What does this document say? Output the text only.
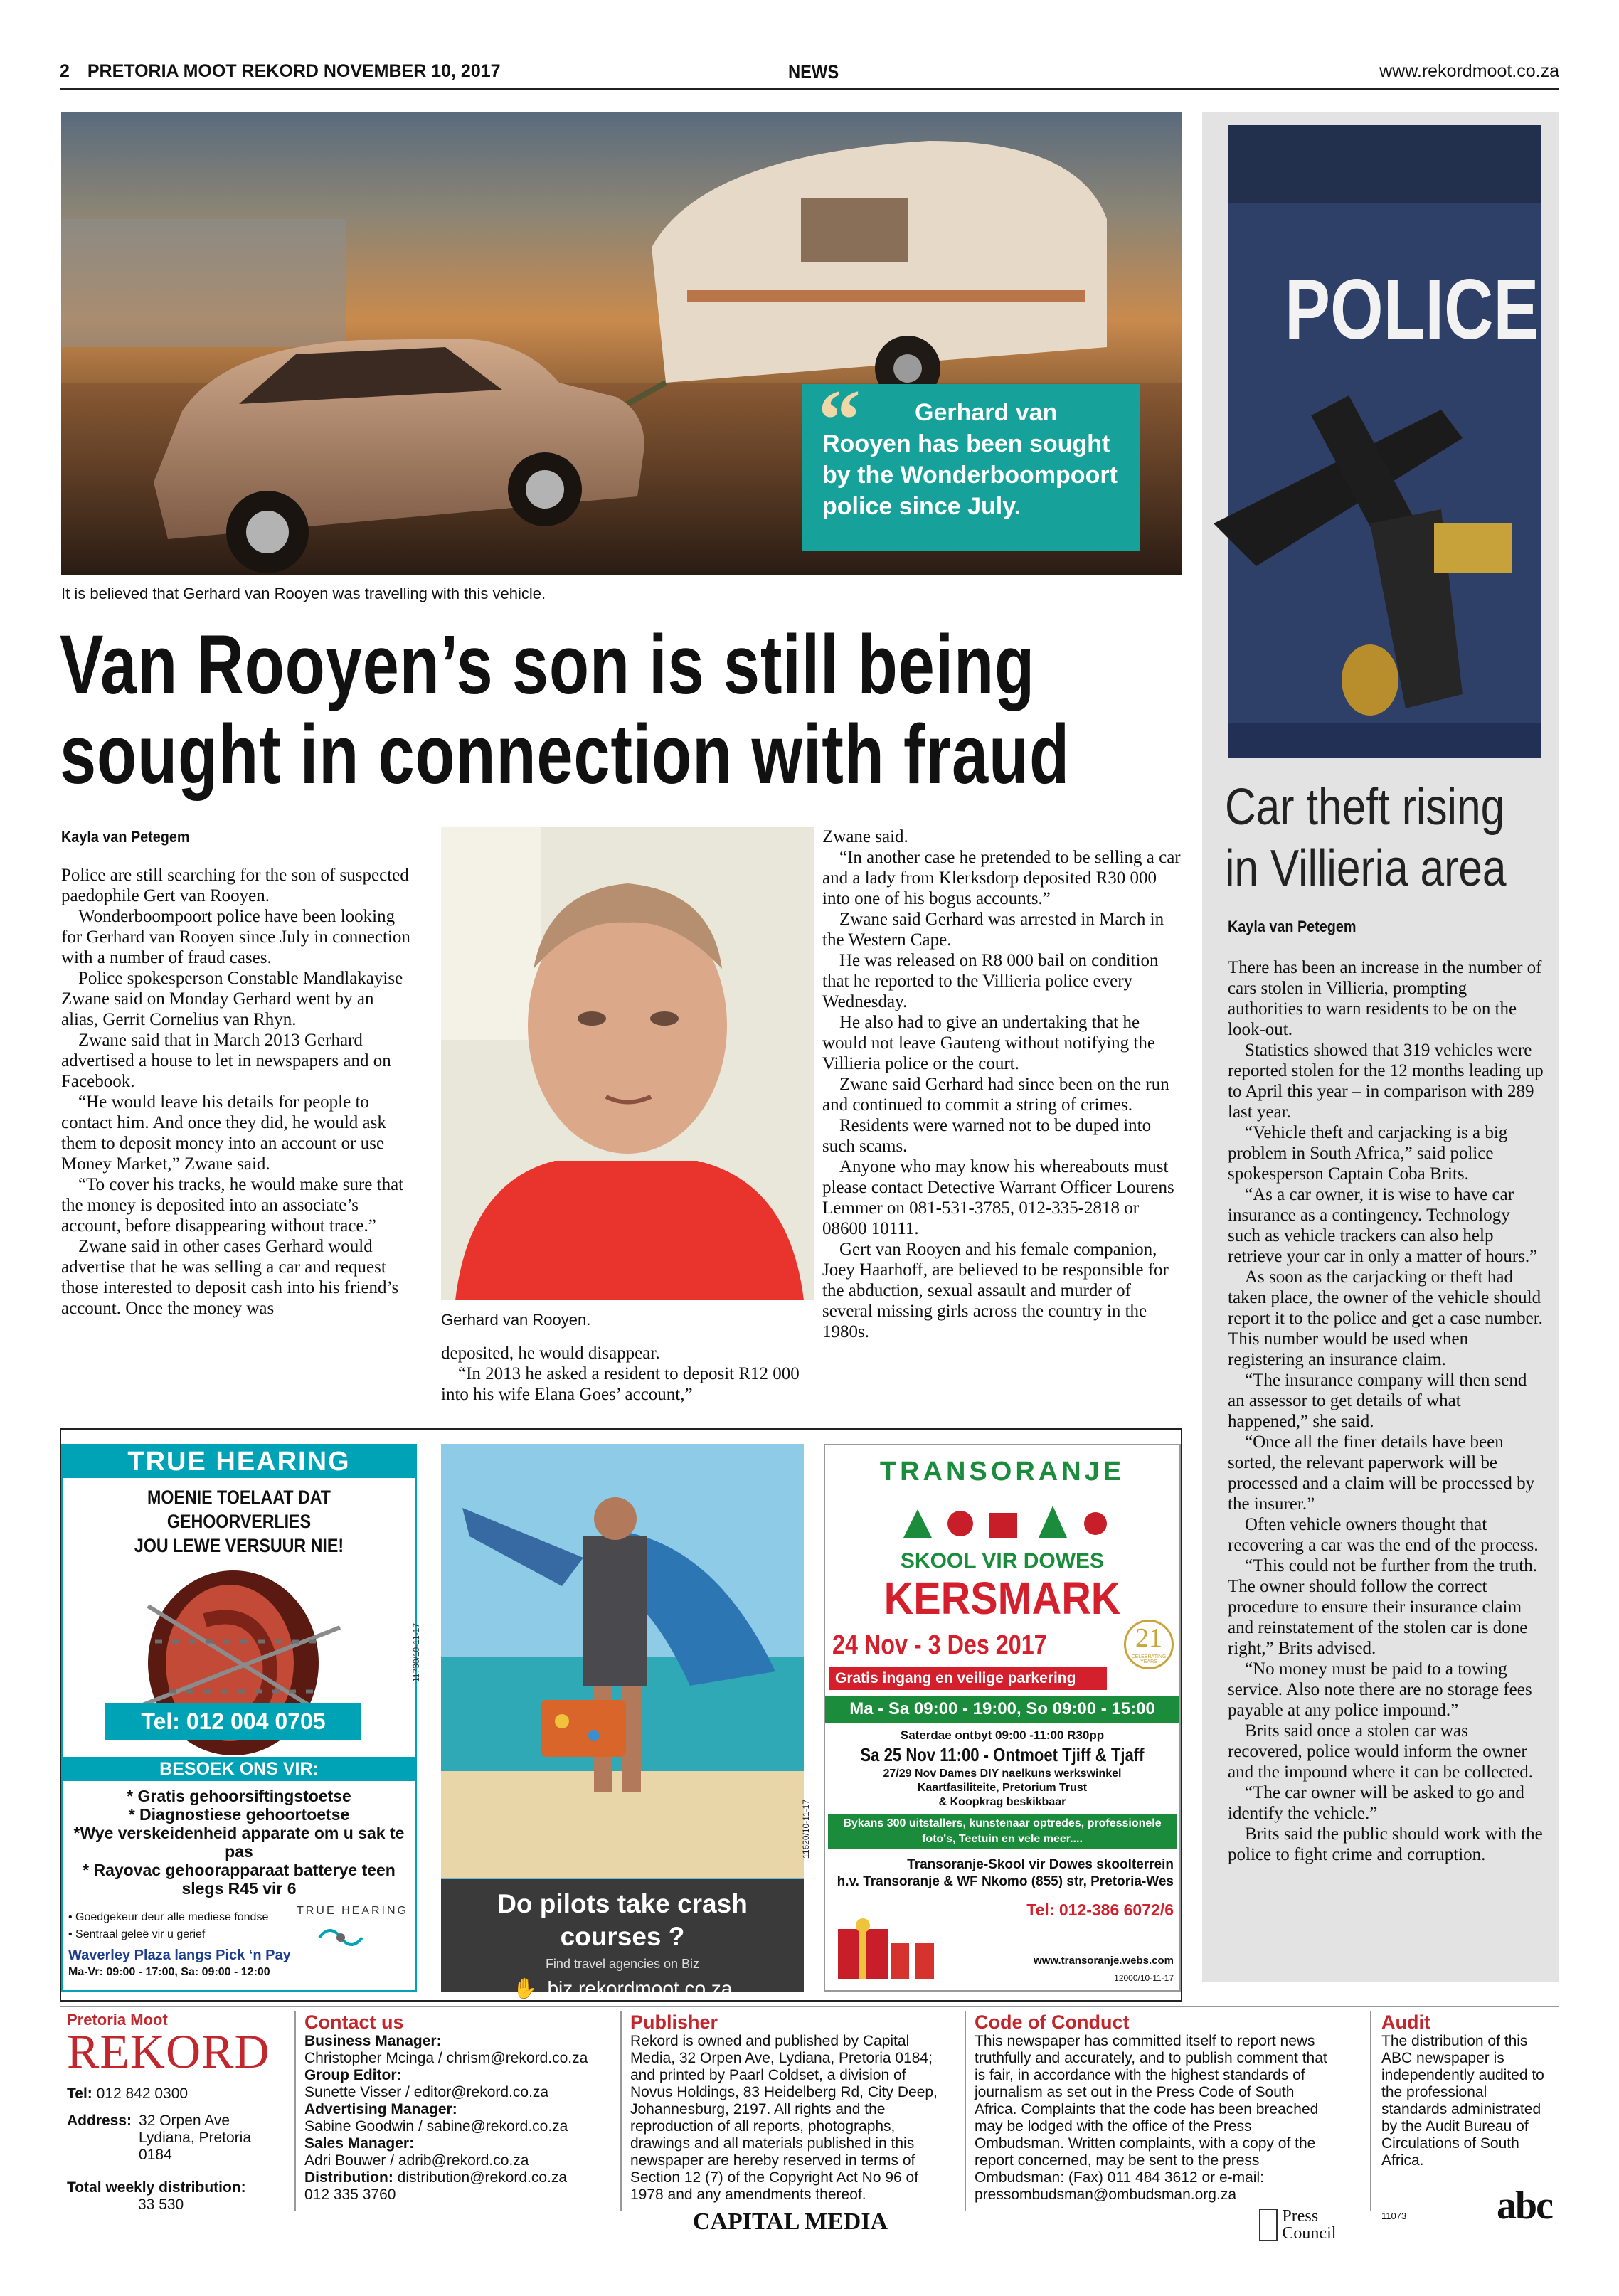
2 PRETORIA MOOT REKORD NOVEMBER 10, 2017	NEWS	www.rekordmoot.co.za
“	Gerhard van Rooyen has been sought by the Wonderboompoort police since July.
It is believed that Gerhard van Rooyen was travelling with this vehicle.
Van Rooyen’s son is still being
sought in connection with fraud
Kayla van Petegem

Police are still searching for the son of suspected paedophile Gert van Rooyen.

Wonderboompoort police have been looking for Gerhard van Rooyen since July in connection with a number of fraud cases.

Police spokesperson Constable Mandlakayise Zwane said on Monday Gerhard went by an alias, Gerrit Cornelius van Rhyn.

Zwane said that in March 2013 Gerhard advertised a house to let in newspapers and on Facebook.

“He would leave his details for people to contact him. And once they did, he would ask them to deposit money into an account or use Money Market,” Zwane said.

“To cover his tracks, he would make sure that the money is deposited into an associate’s account, before disappearing without trace.”

Zwane said in other cases Gerhard would advertise that he was selling a car and request those interested to deposit cash into his friend’s account. Once the money was

Gerhard van Rooyen.

deposited, he would disappear.

“In 2013 he asked a resident to deposit R12 000 into his wife Elana Goes’ account,”

Zwane said.

“In another case he pretended to be selling a car and a lady from Klerksdorp deposited R30 000 into one of his bogus accounts.”

Zwane said Gerhard was arrested in March in the Western Cape.

He was released on R8 000 bail on condition that he reported to the Villieria police every Wednesday.

He also had to give an undertaking that he would not leave Gauteng without notifying the Villieria police or the court.

Zwane said Gerhard had since been on the run and continued to commit a string of crimes.

Residents were warned not to be duped into such scams.

Anyone who may know his whereabouts must please contact Detective Warrant Officer Lourens Lemmer on 081-531-3785, 012-335-2818 or 08600 10111.

Gert van Rooyen and his female companion, Joey Haarhoff, are believed to be responsible for the abduction, sexual assault and murder of several missing girls across the country in the 1980s.

POLICE
Car theft rising
in Villieria area
Kayla van Petegem

There has been an increase in the number of cars stolen in Villieria, prompting authorities to warn residents to be on the look-out.

Statistics showed that 319 vehicles were reported stolen for the 12 months leading up to April this year – in comparison with 289 last year.

“Vehicle theft and carjacking is a big problem in South Africa,” said police spokesperson Captain Coba Brits.

“As a car owner, it is wise to have car insurance as a contingency. Technology such as vehicle trackers can also help retrieve your car in only a matter of hours.”

As soon as the carjacking or theft had taken place, the owner of the vehicle should report it to the police and get a case number. This number would be used when registering an insurance claim.

“The insurance company will then send an assessor to get details of what happened,” she said.

“Once all the finer details have been sorted, the relevant paperwork will be processed and a claim will be processed by the insurer.”

Often vehicle owners thought that recovering a car was the end of the process.

“This could not be further from the truth. The owner should follow the correct procedure to ensure their insurance claim and reinstatement of the stolen car is done right,” Brits advised.

“No money must be paid to a towing service. Also note there are no storage fees payable at any police impound.”

Brits said once a stolen car was recovered, police would inform the owner and the impound where it can be collected.

“The car owner will be asked to go and identify the vehicle.”

Brits said the public should work with the police to fight crime and corruption.

TRUE HEARING
MOENIE TOELAAT DAT GEHOORVERLIES
JOU LEWE VERSUUR NIE!
Tel: 012 004 0705
11730/10-11-17
BESOEK ONS VIR:
* Gratis gehoorsiftingstoetse
* Diagnostiese gehoortoetse
*Wye verskeidenheid apparate om u sak te pas
* Rayovac gehoorapparaat batterye teen slegs R45 vir 6
• Goedgekeur deur alle mediese fondse
• Sentraal geleë vir u gerief
TRUE HEARING
Waverley Plaza langs Pick ‘n Pay
Ma-Vr: 09:00 - 17:00, Sa: 09:00 - 12:00
Do pilots take crash
courses ?
Find travel agencies on Biz
✋ biz.rekordmoot.co.za
11620/10-11-17
TRANSORANJE
SKOOL VIR DOWES
KERSMARK
24 Nov - 3 Des 2017	21
CELEBRATING YEARS
Gratis ingang en veilige parkering
Ma - Sa 09:00 - 19:00, So 09:00 - 15:00
Saterdae ontbyt 09:00 -11:00 R30pp
Sa 25 Nov 11:00 - Ontmoet Tjiff & Tjaff
27/29 Nov Dames DIY naelkuns werkswinkel
Kaartfasiliteite, Pretorium Trust
& Koopkrag beskikbaar
Bykans 300 uitstallers, kunstenaar optredes, professionele foto's, Teetuin en vele meer....
Transoranje-Skool vir Dowes skoolterrein
h.v. Transoranje & WF Nkomo (855) str, Pretoria-Wes
Tel: 012-386 6072/6
www.transoranje.webs.com
12000/10-11-17
Pretoria Moot
REKORD
Tel: 012 842 0300
Address: 32 Orpen Ave
Lydiana, Pretoria
0184
Total weekly distribution:
33 530
Contact us
Business Manager:
Christopher Mcinga / chrism@rekord.co.za
Group Editor:
Sunette Visser / editor@rekord.co.za
Advertising Manager:
Sabine Goodwin / sabine@rekord.co.za
Sales Manager:
Adri Bouwer / adrib@rekord.co.za
Distribution: distribution@rekord.co.za
012 335 3760
Publisher
Rekord is owned and published by Capital Media, 32 Orpen Ave, Lydiana, Pretoria 0184; and printed by Paarl Coldset, a division of Novus Holdings, 83 Heidelberg Rd, City Deep, Johannesburg, 2197. All rights and the reproduction of all reports, photographs, drawings and all materials published in this newspaper are hereby reserved in terms of Section 12 (7) of the Copyright Act No 96 of 1978 and any amendments thereof.
CAPITAL MEDIA
Code of Conduct
This newspaper has committed itself to report news truthfully and accurately, and to publish comment that is fair, in accordance with the highest standards of journalism as set out in the Press Code of South Africa. Complaints that the code has been breached may be lodged with the office of the Press Ombudsman. Written complaints, with a copy of the report concerned, may be sent to the press Ombudsman: (Fax) 011 484 3612 or e-mail: pressombudsman@ombudsman.org.za
Press Council
Audit
The distribution of this ABC newspaper is independently audited to the professional standards administrated by the Audit Bureau of Circulations of South Africa.
11073 abc
